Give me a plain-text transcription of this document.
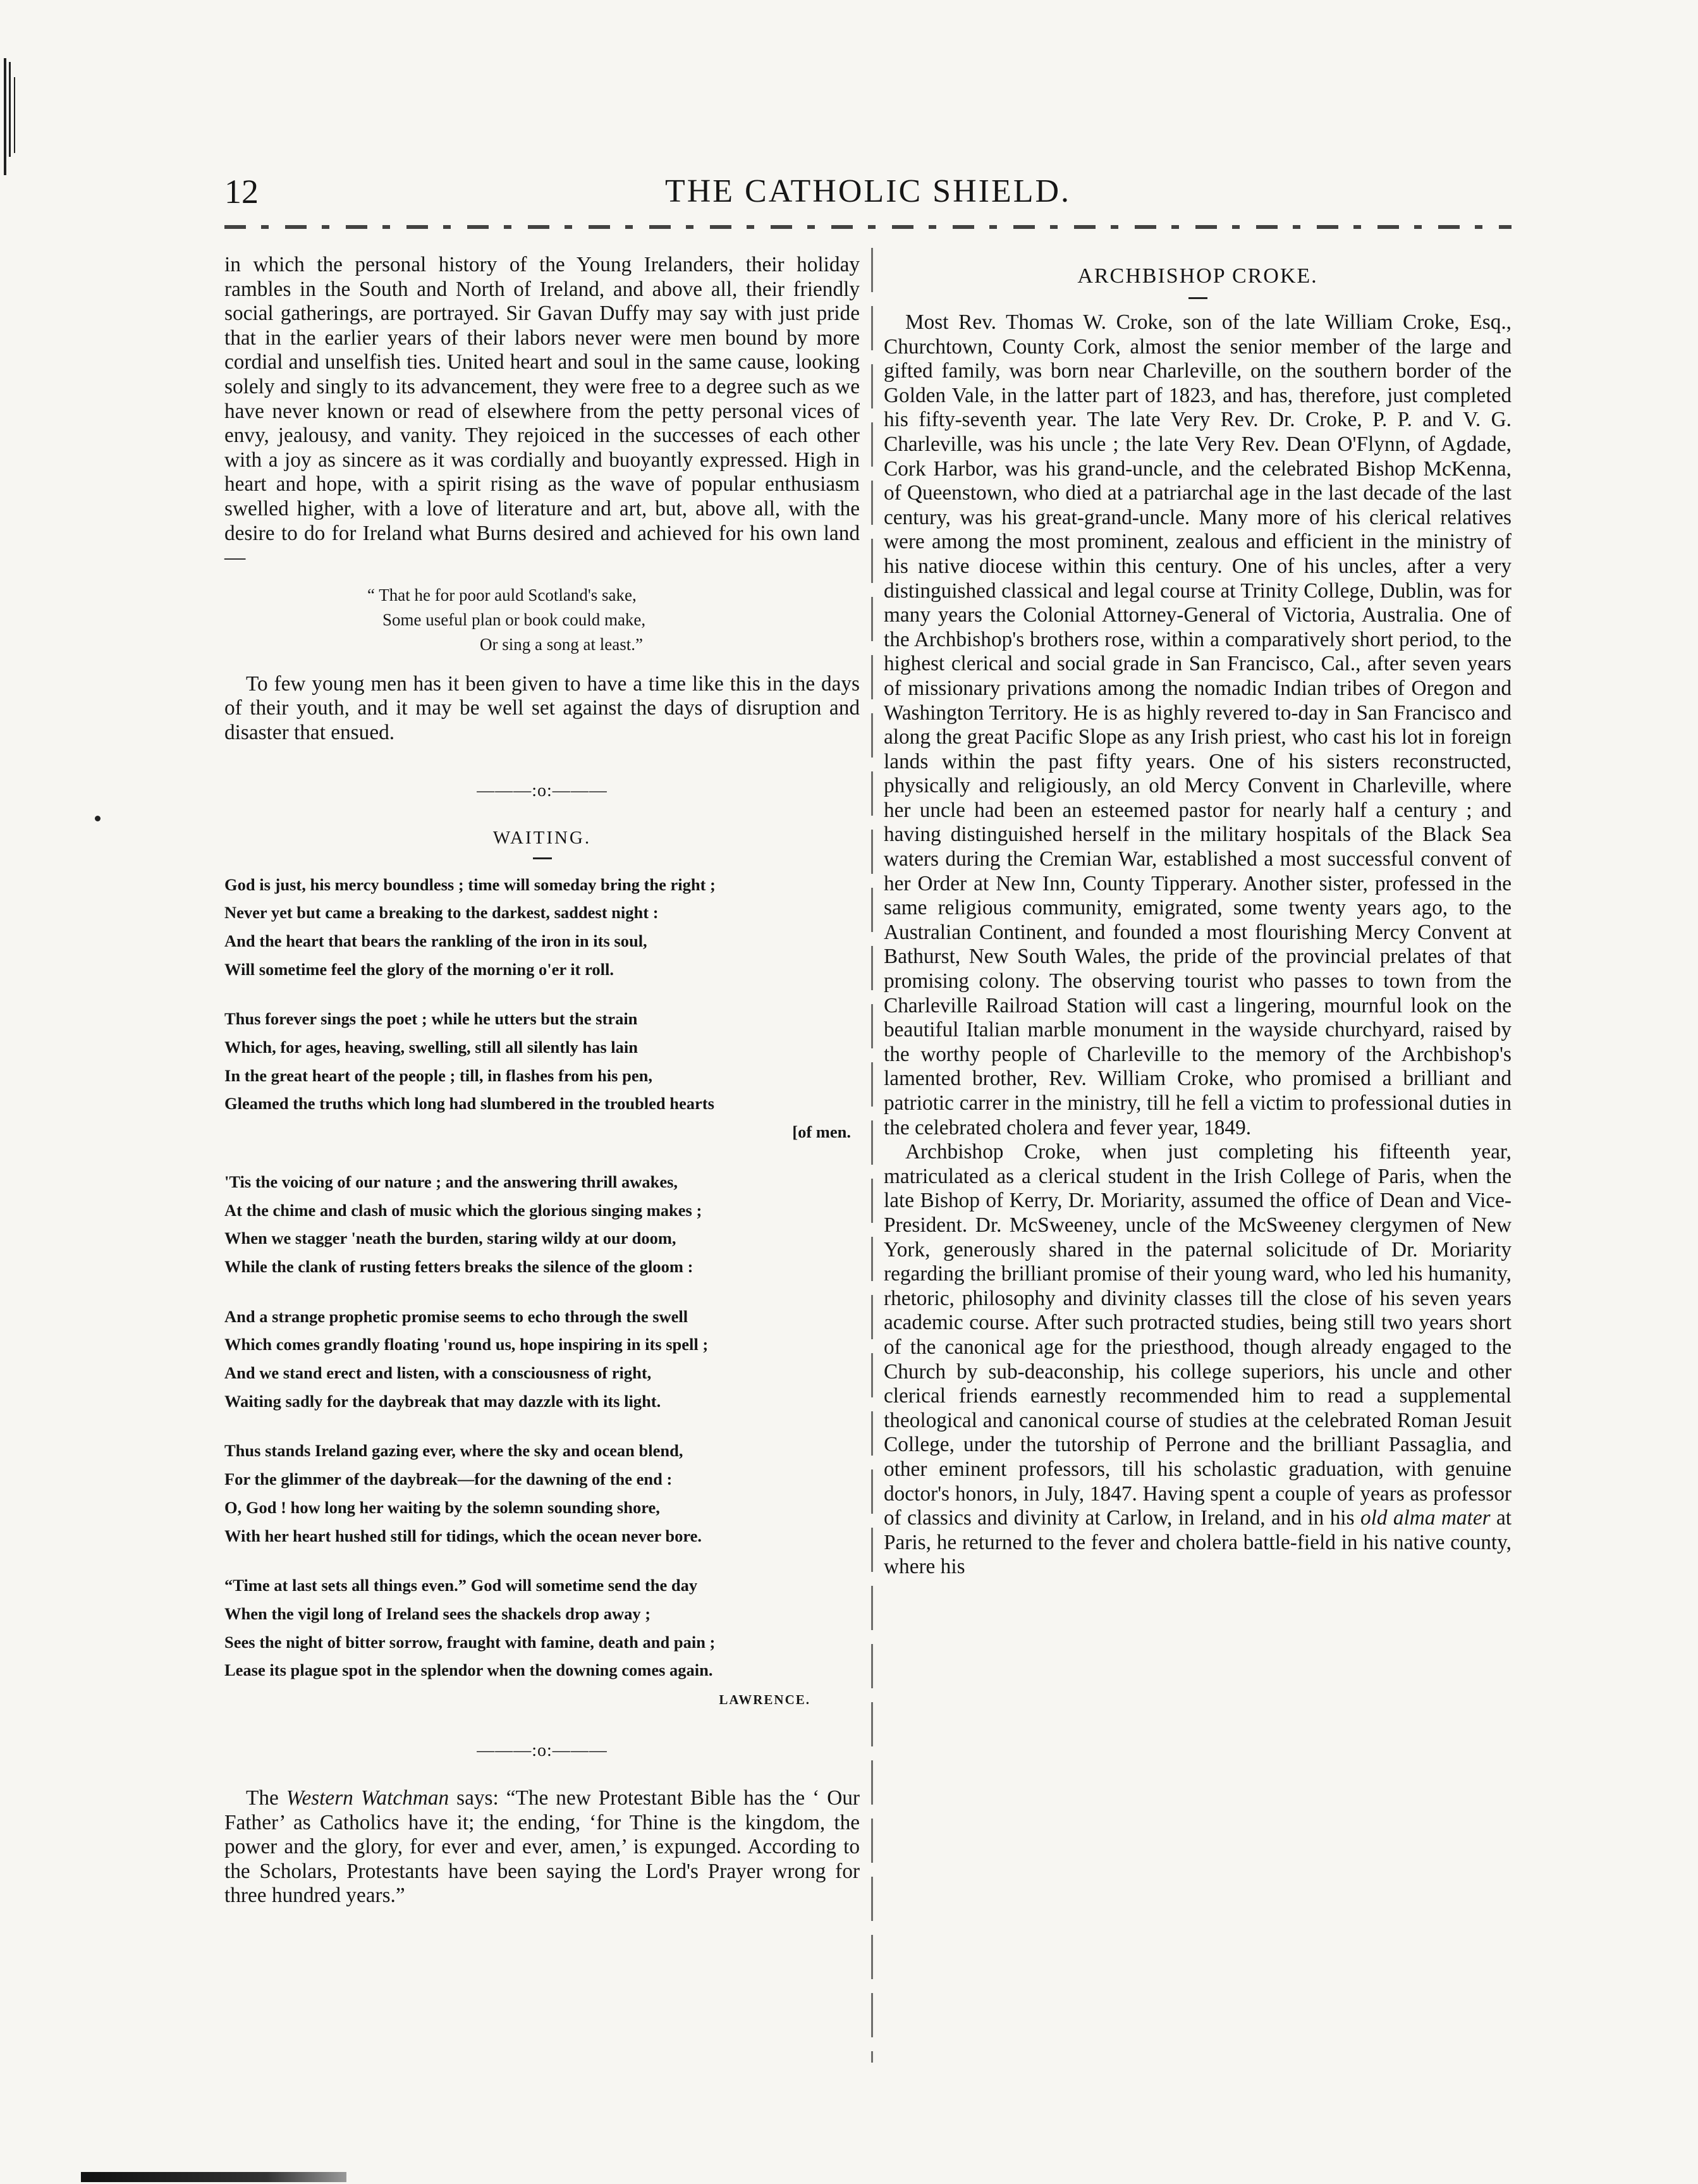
12	THE CATHOLIC SHIELD.

in which the personal history of the Young Irelanders, their holiday rambles in the South and North of Ireland, and above all, their friendly social gatherings, are portrayed. Sir Gavan Duffy may say with just pride that in the earlier years of their labors never were men bound by more cordial and unselfish ties. United heart and soul in the same cause, looking solely and singly to its advancement, they were free to a degree such as we have never known or read of elsewhere from the petty personal vices of envy, jealousy, and vanity. They rejoiced in the successes of each other with a joy as sincere as it was cordially and buoyantly expressed. High in heart and hope, with a spirit rising as the wave of popular enthusiasm swelled higher, with a love of literature and art, but, above all, with the desire to do for Ireland what Burns desired and achieved for his own land—

“ That he for poor auld Scotland's sake,
Some useful plan or book could make,
Or sing a song at least.”

To few young men has it been given to have a time like this in the days of their youth, and it may be well set against the days of disruption and disaster that ensued.

———:o:———
WAITING.
God is just, his mercy boundless ; time will someday bring the right ;
Never yet but came a breaking to the darkest, saddest night :
And the heart that bears the rankling of the iron in its soul,
Will sometime feel the glory of the morning o'er it roll.
Thus forever sings the poet ; while he utters but the strain
Which, for ages, heaving, swelling, still all silently has lain
In the great heart of the people ; till, in flashes from his pen,
Gleamed the truths which long had slumbered in the troubled hearts
[of men.
'Tis the voicing of our nature ; and the answering thrill awakes,
At the chime and clash of music which the glorious singing makes ;
When we stagger 'neath the burden, staring wildy at our doom,
While the clank of rusting fetters breaks the silence of the gloom :
And a strange prophetic promise seems to echo through the swell
Which comes grandly floating 'round us, hope inspiring in its spell ;
And we stand erect and listen, with a consciousness of right,
Waiting sadly for the daybreak that may dazzle with its light.
Thus stands Ireland gazing ever, where the sky and ocean blend,
For the glimmer of the daybreak—for the dawning of the end :
O, God ! how long her waiting by the solemn sounding shore,
With her heart hushed still for tidings, which the ocean never bore.
“Time at last sets all things even.” God will sometime send the day
When the vigil long of Ireland sees the shackels drop away ;
Sees the night of bitter sorrow, fraught with famine, death and pain ;
Lease its plague spot in the splendor when the downing comes again.
LAWRENCE.
———:o:———

The Western Watchman says: “The new Protestant Bible has the ‘ Our Father’ as Catholics have it; the ending, ‘for Thine is the kingdom, the power and the glory, for ever and ever, amen,’ is expunged. According to the Scholars, Protestants have been saying the Lord's Prayer wrong for three hundred years.”

ARCHBISHOP CROKE.

Most Rev. Thomas W. Croke, son of the late William Croke, Esq., Churchtown, County Cork, almost the senior member of the large and gifted family, was born near Charleville, on the southern border of the Golden Vale, in the latter part of 1823, and has, therefore, just completed his fifty-seventh year. The late Very Rev. Dr. Croke, P. P. and V. G. Charleville, was his uncle ; the late Very Rev. Dean O'Flynn, of Agdade, Cork Harbor, was his grand-uncle, and the celebrated Bishop McKenna, of Queenstown, who died at a patriarchal age in the last decade of the last century, was his great-grand-uncle. Many more of his clerical relatives were among the most prominent, zealous and efficient in the ministry of his native diocese within this century. One of his uncles, after a very distinguished classical and legal course at Trinity College, Dublin, was for many years the Colonial Attorney-General of Victoria, Australia. One of the Archbishop's brothers rose, within a comparatively short period, to the highest clerical and social grade in San Francisco, Cal., after seven years of missionary privations among the nomadic Indian tribes of Oregon and Washington Territory. He is as highly revered to-day in San Francisco and along the great Pacific Slope as any Irish priest, who cast his lot in foreign lands within the past fifty years. One of his sisters reconstructed, physically and religiously, an old Mercy Convent in Charleville, where her uncle had been an esteemed pastor for nearly half a century ; and having distinguished herself in the military hospitals of the Black Sea waters during the Cremian War, established a most successful convent of her Order at New Inn, County Tipperary. Another sister, professed in the same religious community, emigrated, some twenty years ago, to the Australian Continent, and founded a most flourishing Mercy Convent at Bathurst, New South Wales, the pride of the provincial prelates of that promising colony. The observing tourist who passes to town from the Charleville Railroad Station will cast a lingering, mournful look on the beautiful Italian marble monument in the wayside churchyard, raised by the worthy people of Charleville to the memory of the Archbishop's lamented brother, Rev. William Croke, who promised a brilliant and patriotic carrer in the ministry, till he fell a victim to professional duties in the celebrated cholera and fever year, 1849.

Archbishop Croke, when just completing his fifteenth year, matriculated as a clerical student in the Irish College of Paris, when the late Bishop of Kerry, Dr. Moriarity, assumed the office of Dean and Vice-President. Dr. McSweeney, uncle of the McSweeney clergymen of New York, generously shared in the paternal solicitude of Dr. Moriarity regarding the brilliant promise of their young ward, who led his humanity, rhetoric, philosophy and divinity classes till the close of his seven years academic course. After such protracted studies, being still two years short of the canonical age for the priesthood, though already engaged to the Church by sub-deaconship, his college superiors, his uncle and other clerical friends earnestly recommended him to read a supplemental theological and canonical course of studies at the celebrated Roman Jesuit College, under the tutorship of Perrone and the brilliant Passaglia, and other eminent professors, till his scholastic graduation, with genuine doctor's honors, in July, 1847. Having spent a couple of years as professor of classics and divinity at Carlow, in Ireland, and in his old alma mater at Paris, he returned to the fever and cholera battle-field in his native county, where his
